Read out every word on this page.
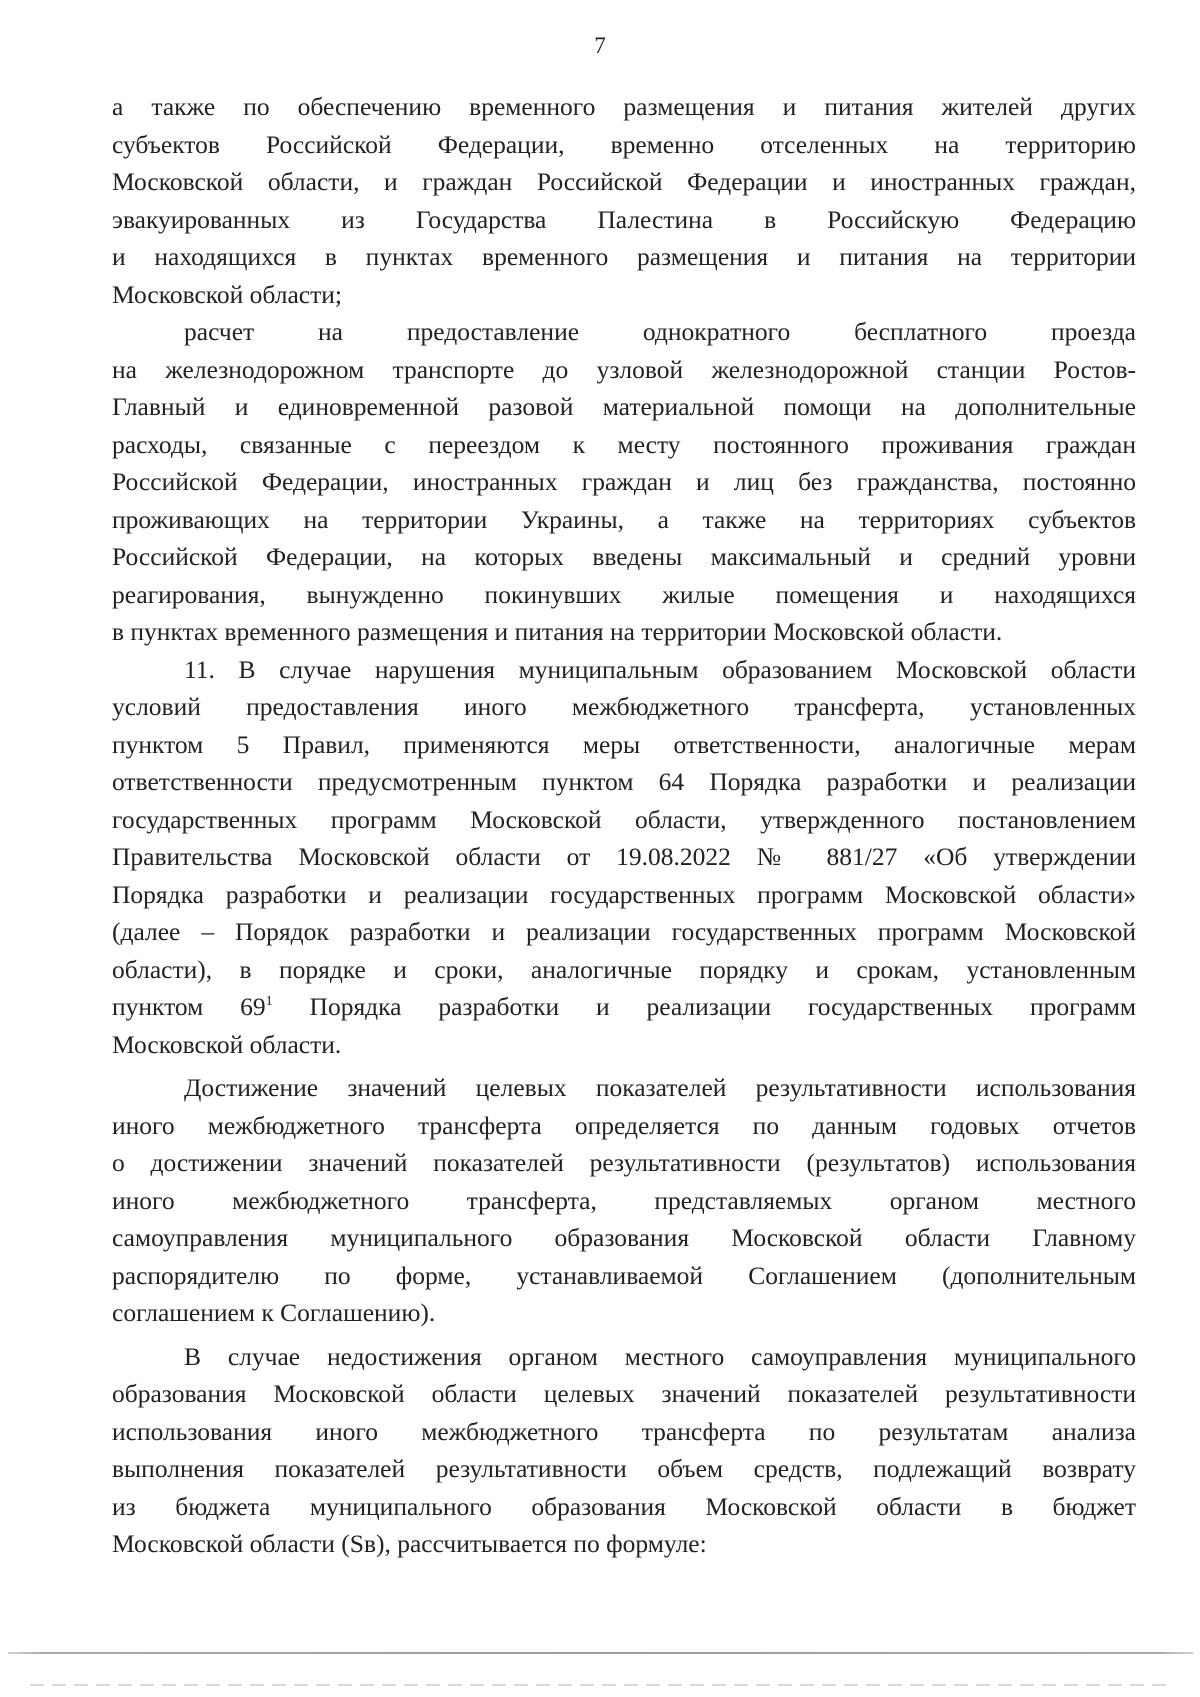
7
а также по обеспечению временного размещения и питания жителей других
субъектов Российской Федерации, временно отселенных на территорию
Московской области, и граждан Российской Федерации и иностранных граждан,
эвакуированных из Государства Палестина в Российскую Федерацию
и находящихся в пунктах временного размещения и питания на территории
Московской области;
расчет на предоставление однократного бесплатного проезда
на железнодорожном транспорте до узловой железнодорожной станции Ростов-
Главный и единовременной разовой материальной помощи на дополнительные
расходы, связанные с переездом к месту постоянного проживания граждан
Российской Федерации, иностранных граждан и лиц без гражданства, постоянно
проживающих на территории Украины, а также на территориях субъектов
Российской Федерации, на которых введены максимальный и средний уровни
реагирования, вынужденно покинувших жилые помещения и находящихся
в пунктах временного размещения и питания на территории Московской области.
11. В случае нарушения муниципальным образованием Московской области
условий предоставления иного межбюджетного трансферта, установленных
пунктом 5 Правил, применяются меры ответственности, аналогичные мерам
ответственности предусмотренным пунктом 64 Порядка разработки и реализации
государственных программ Московской области, утвержденного постановлением
Правительства Московской области от 19.08.2022 № 881/27 «Об утверждении
Порядка разработки и реализации государственных программ Московской области»
(далее – Порядок разработки и реализации государственных программ Московской
области), в порядке и сроки, аналогичные порядку и срокам, установленным
пунктом $69^1$ Порядка разработки и реализации государственных программ
Московской области.
Достижение значений целевых показателей результативности использования
иного межбюджетного трансферта определяется по данным годовых отчетов
о достижении значений показателей результативности (результатов) использования
иного межбюджетного трансферта, представляемых органом местного
самоуправления муниципального образования Московской области Главному
распорядителю по форме, устанавливаемой Соглашением (дополнительным
соглашением к Соглашению).
В случае недостижения органом местного самоуправления муниципального
образования Московской области целевых значений показателей результативности
использования иного межбюджетного трансферта по результатам анализа
выполнения показателей результативности объем средств, подлежащий возврату
из бюджета муниципального образования Московской области в бюджет
Московской области (Sв), рассчитывается по формуле:
